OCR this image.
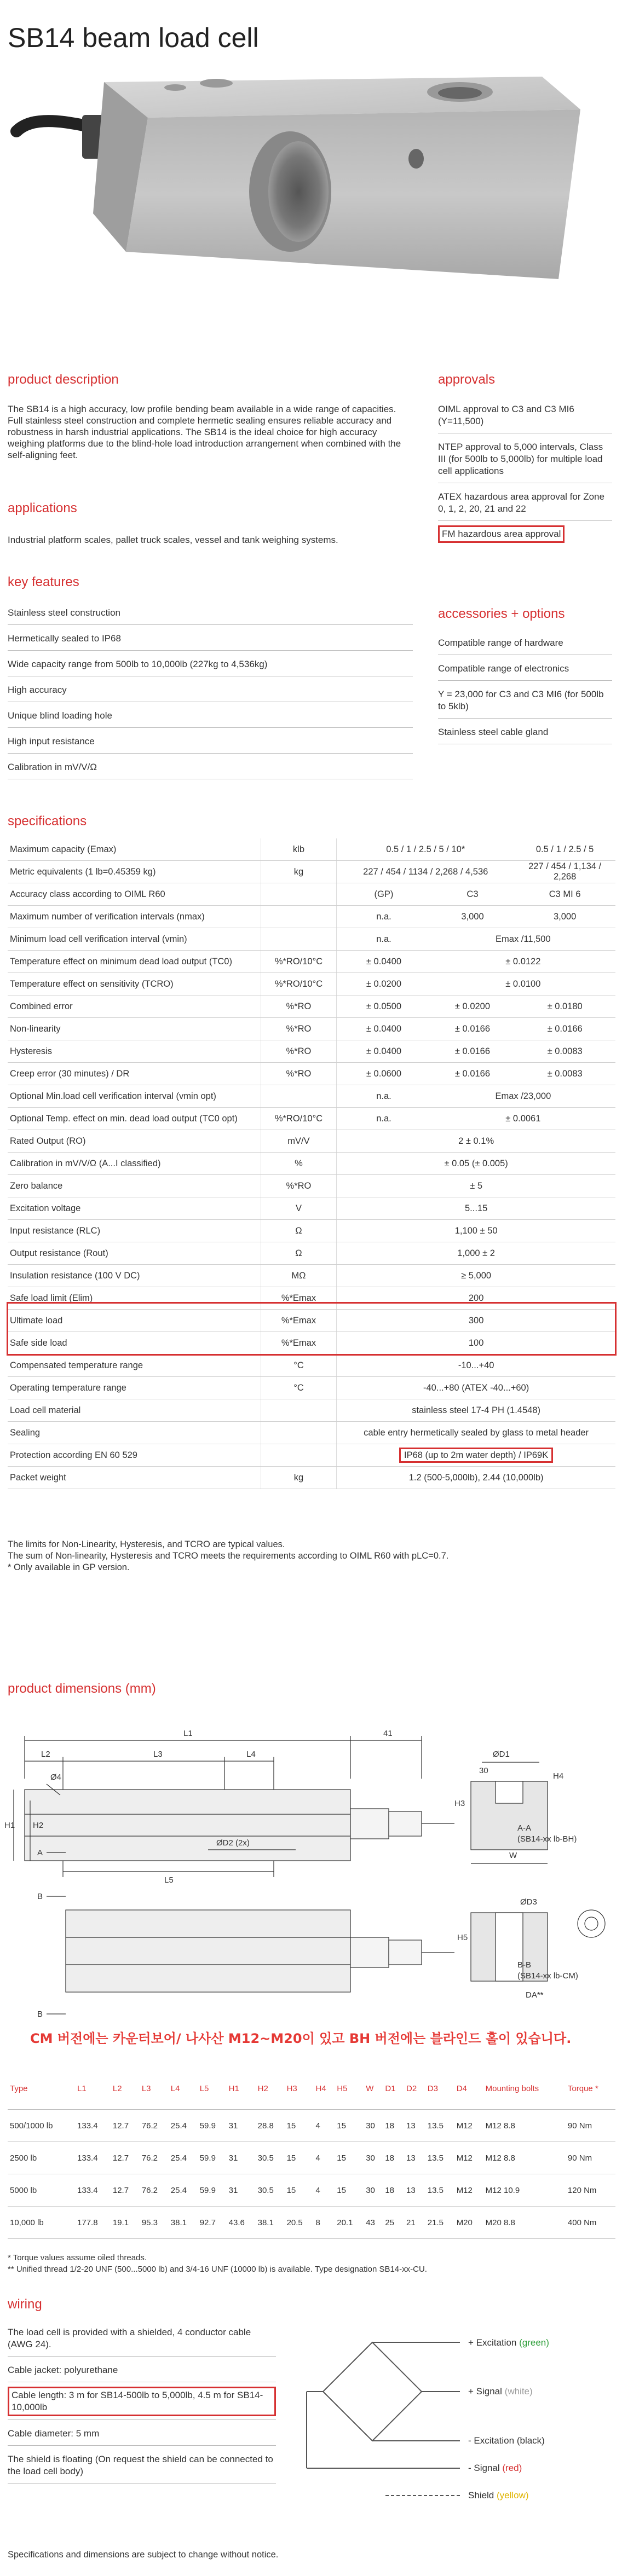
SB14 beam load cell
product description

The SB14 is a high accuracy, low profile bending beam available in a wide range of capacities. Full stainless steel construction and complete hermetic sealing ensures reliable accuracy and robustness in harsh industrial applications. The SB14 is the ideal choice for high accuracy weighing platforms due to the blind-hole load introduction arrangement when combined with the self-aligning feet.

applications

Industrial platform scales, pallet truck scales, vessel and tank weighing systems.

approvals
OIML approval to C3 and C3 MI6 (Y=11,500)
NTEP approval to 5,000 intervals, Class III (for 500lb to 5,000lb) for multiple load cell applications
ATEX hazardous area approval for Zone 0, 1, 2, 20, 21 and 22
FM hazardous area approval
key features
Stainless steel construction
Hermetically sealed to IP68
Wide capacity range from 500lb to 10,000lb (227kg to 4,536kg)
High accuracy
Unique blind loading hole
High input resistance
Calibration in mV/V/Ω
accessories + options
Compatible range of hardware
Compatible range of electronics
Y = 23,000 for C3 and C3 MI6 (for 500lb to 5klb)
Stainless steel cable gland
specifications
Maximum capacity (Emax)	klb	0.5 / 1 / 2.5 / 5 / 10*		0.5 / 1 / 2.5 / 5
Metric equivalents (1 lb=0.45359 kg)	kg	227 / 454 / 1134 / 2,268 / 4,536		227 / 454 / 1,134 / 2,268
Accuracy class according to OIML R60		(GP)	C3	C3 MI 6
Maximum number of verification intervals (nmax)		n.a.	3,000	3,000
Minimum load cell verification interval (vmin)		n.a.	Emax /11,500	
Temperature effect on minimum dead load output (TC0)	%*RO/10°C	± 0.0400	± 0.0122	
Temperature effect on sensitivity (TCRO)	%*RO/10°C	± 0.0200	± 0.0100	
Combined error	%*RO	± 0.0500	± 0.0200	± 0.0180
Non-linearity	%*RO	± 0.0400	± 0.0166	± 0.0166
Hysteresis	%*RO	± 0.0400	± 0.0166	± 0.0083
Creep error (30 minutes) / DR	%*RO	± 0.0600	± 0.0166	± 0.0083
Optional Min.load cell verification interval (vmin opt)		n.a.	Emax /23,000	
Optional Temp. effect on min. dead load output (TC0 opt)	%*RO/10°C	n.a.	± 0.0061	
Rated Output (RO)	mV/V	2 ± 0.1%		
Calibration in mV/V/Ω (A...I classified)	%	± 0.05 (± 0.005)		
Zero balance	%*RO	± 5		
Excitation voltage	V	5...15		
Input resistance (RLC)	Ω	1,100 ± 50		
Output resistance (Rout)	Ω	1,000 ± 2		
Insulation resistance (100 V DC)	MΩ	≥ 5,000		
Safe load limit (Elim)	%*Emax	200		
Ultimate load	%*Emax	300		
Safe side load	%*Emax	100		
Compensated temperature range	°C	-10...+40		
Operating temperature range	°C	-40...+80 (ATEX -40...+60)		
Load cell material		stainless steel 17-4 PH (1.4548)		
Sealing		cable entry hermetically sealed by glass to metal header		
Protection according EN 60 529		IP68 (up to 2m water depth) / IP69K		
Packet weight	kg	1.2 (500-5,000lb), 2.44 (10,000lb)		
The limits for Non-Linearity, Hysteresis, and TCRO are typical values.
The sum of Non-linearity, Hysteresis and TCRO meets the requirements according to OIML R60 with pLC=0.7.
* Only available in GP version.
product dimensions (mm)
L1	41
L2	L3	L4
Ø4
H1 H2
ØD2 (2x)
L5
A
B
B
ØD1
30
H4
H3
W
A-A
(SB14-xx lb-BH)
ØD3
H5
B-B
(SB14-xx lb-CM)
DA**
CM 버전에는 카운터보어/ 나사산 M12~M20이 있고 BH 버전에는 블라인드 홀이 있습니다.
Type	L1	L2	L3	L4	L5	H1	H2	H3	H4	H5	W	D1	D2	D3	D4	Mounting bolts	Torque *
500/1000 lb	133.4	12.7	76.2	25.4	59.9	31	28.8	15	4	15	30	18	13	13.5	M12	M12 8.8	90 Nm
2500 lb	133.4	12.7	76.2	25.4	59.9	31	30.5	15	4	15	30	18	13	13.5	M12	M12 8.8	90 Nm
5000 lb	133.4	12.7	76.2	25.4	59.9	31	30.5	15	4	15	30	18	13	13.5	M12	M12 10.9	120 Nm
10,000 lb	177.8	19.1	95.3	38.1	92.7	43.6	38.1	20.5	8	20.1	43	25	21	21.5	M20	M20 8.8	400 Nm
* Torque values assume oiled threads.
** Unified thread 1/2-20 UNF (500...5000 lb) and 3/4-16 UNF (10000 lb) is available. Type designation SB14-xx-CU.
wiring
The load cell is provided with a shielded, 4 conductor cable (AWG 24).
Cable jacket: polyurethane
Cable length: 3 m for SB14-500lb to 5,000lb, 4.5 m for SB14-10,000lb
Cable diameter: 5 mm
The shield is floating (On request the shield can be connected to the load cell body)
+ Excitation (green)
+ Signal (white)
- Excitation (black)
- Signal (red)
Shield (yellow)
Specifications and dimensions are subject to change without notice.
